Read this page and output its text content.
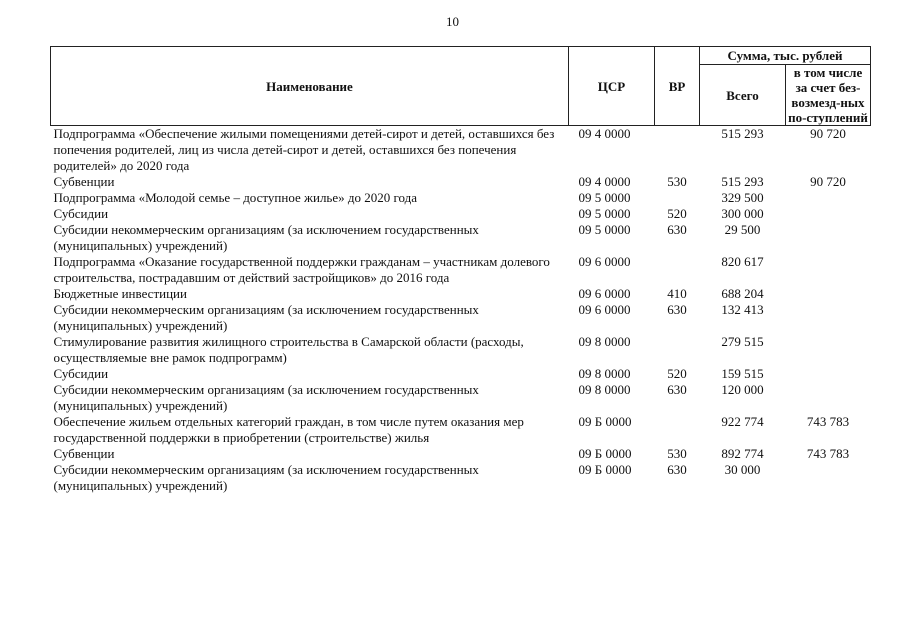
10
Наименование	ЦСР	ВР	Сумма, тыс. рублей	
			Всего	в том числе за счет без-возмезд-ных по-ступлений
Подпрограмма «Обеспечение жилыми помещениями детей-сирот и детей, оставшихся без попечения родителей, лиц из числа детей-сирот и детей, оставшихся без попечения родителей» до 2020 года	09 4 0000		515 293	90 720
Субвенции	09 4 0000	530	515 293	90 720
Подпрограмма «Молодой семье – доступное жилье» до 2020 года	09 5 0000		329 500	
Субсидии	09 5 0000	520	300 000	
Субсидии некоммерческим организациям (за исключением государственных (муниципальных) учреждений)	09 5 0000	630	29 500	
Подпрограмма «Оказание государственной поддержки гражданам – участникам долевого строительства, пострадавшим от действий застройщиков» до 2016 года	09 6 0000		820 617	
Бюджетные инвестиции	09 6 0000	410	688 204	
Субсидии некоммерческим организациям (за исключением государственных (муниципальных) учреждений)	09 6 0000	630	132 413	
Стимулирование развития жилищного строительства в Самарской области (расходы, осуществляемые вне рамок подпрограмм)	09 8 0000		279 515	
Субсидии	09 8 0000	520	159 515	
Субсидии некоммерческим организациям (за исключением государственных (муниципальных) учреждений)	09 8 0000	630	120 000	
Обеспечение жильем отдельных категорий граждан, в том числе путем оказания мер государственной поддержки в приобретении (строительстве) жилья	09 Б 0000		922 774	743 783
Субвенции	09 Б 0000	530	892 774	743 783
Субсидии некоммерческим организациям (за исключением государственных (муниципальных) учреждений)	09 Б 0000	630	30 000	
